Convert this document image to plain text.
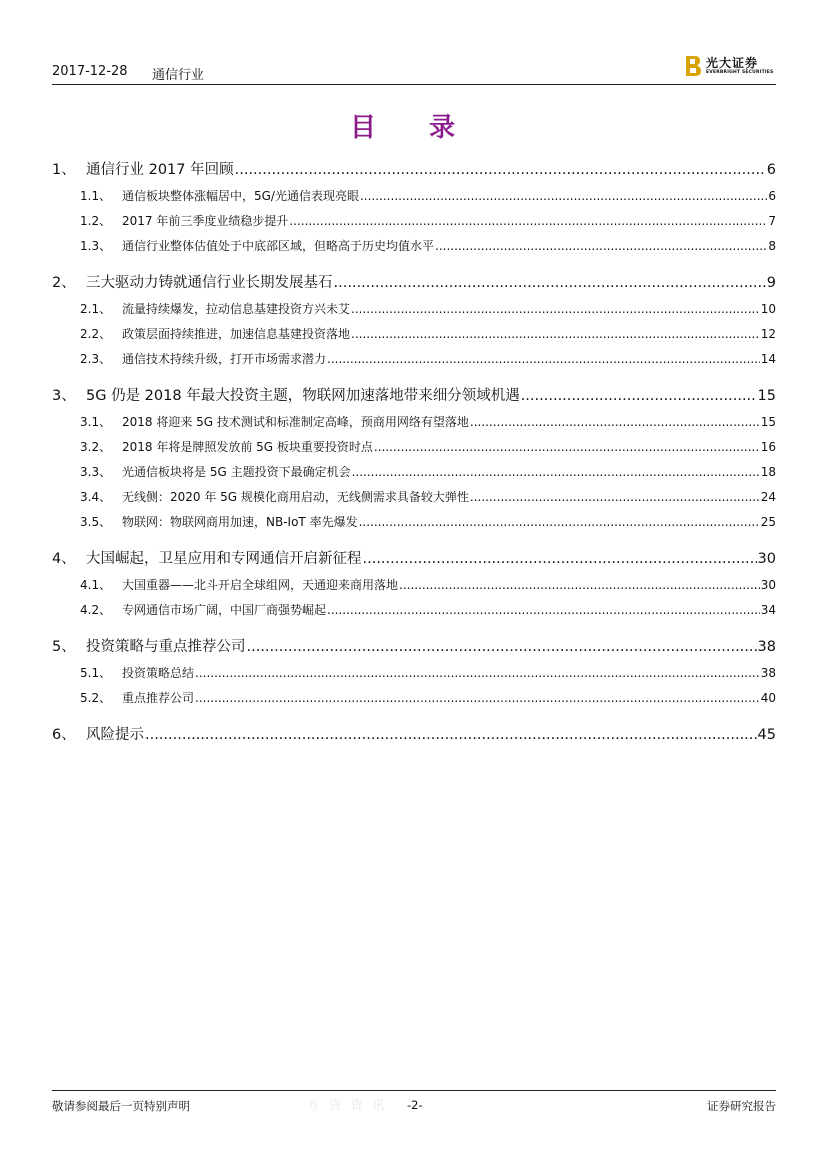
2017-12-28 通信行业
光大证券
EVERBRIGHT SECURITIES
目 录
1、 通信行业 2017 年回顾 .....	6
1.1、 通信板块整体涨幅居中，5G/光通信表现亮眼 .....	6
1.2、 2017 年前三季度业绩稳步提升 .....	7
1.3、 通信行业整体估值处于中底部区域，但略高于历史均值水平 .....	8
2、 三大驱动力铸就通信行业长期发展基石 .....	9
2.1、 流量持续爆发，拉动信息基建投资方兴未艾 .....	10
2.2、 政策层面持续推进，加速信息基建投资落地 .....	12
2.3、 通信技术持续升级，打开市场需求潜力 .....	14
3、 5G 仍是 2018 年最大投资主题，物联网加速落地带来细分领域机遇 .....	15
3.1、 2018 将迎来 5G 技术测试和标准制定高峰，预商用网络有望落地 .....	15
3.2、 2018 年将是牌照发放前 5G 板块重要投资时点 .....	16
3.3、 光通信板块将是 5G 主题投资下最确定机会 .....	18
3.4、 无线侧：2020 年 5G 规模化商用启动，无线侧需求具备较大弹性 .....	24
3.5、 物联网：物联网商用加速，NB-IoT 率先爆发 .....	25
4、 大国崛起，卫星应用和专网通信开启新征程 .....	30
4.1、 大国重器——北斗开启全球组网，天通迎来商用落地 .....	30
4.2、 专网通信市场广阔，中国厂商强势崛起 .....	34
5、 投资策略与重点推荐公司 .....	38
5.1、 投资策略总结 .....	38
5.2、 重点推荐公司 .....	40
6、 风险提示 .....	45
敬请参阅最后一页特别声明	方 资 资 讯 -2-	证券研究报告
